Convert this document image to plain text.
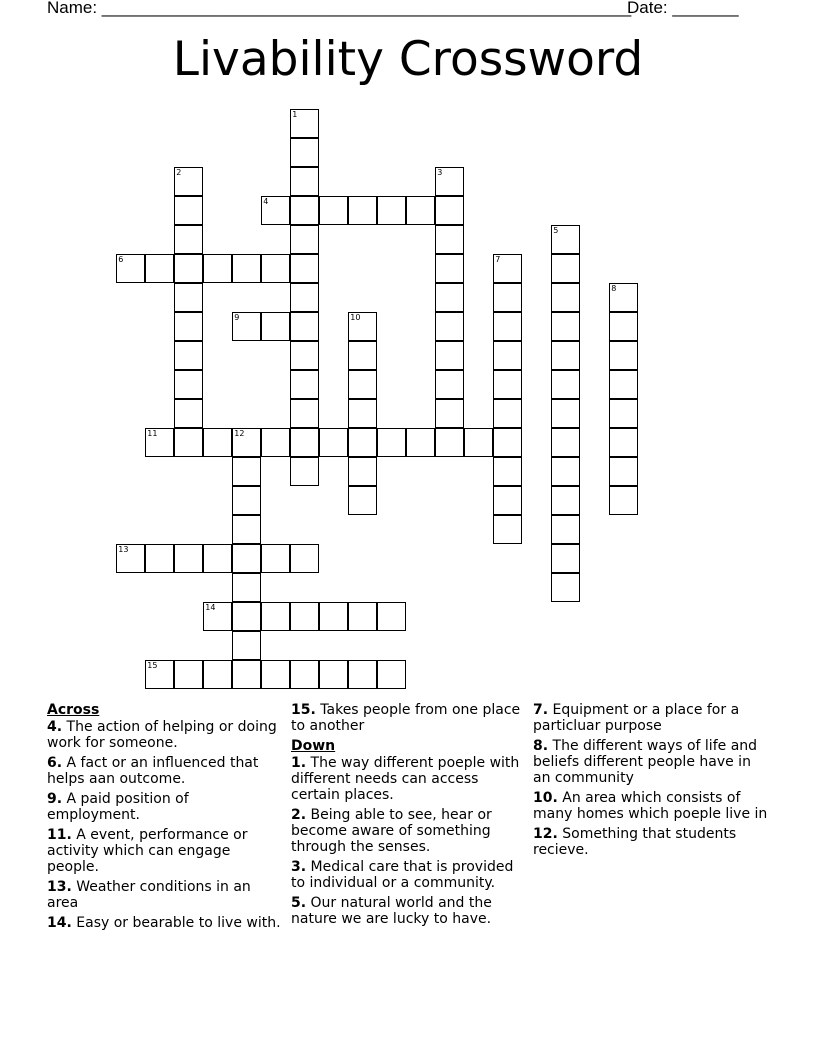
Name: ________________________________________________________
Date: _______
Livability Crossword
1
2	3
4
5
6	7
8
9	10
11	12
13
14
15
Across
4. The action of helping or doing work for someone.
6. A fact or an influenced that helps aan outcome.
9. A paid position of employment.
11. A event, performance or activity which can engage people.
13. Weather conditions in an area
14. Easy or bearable to live with.
15. Takes people from one place to another
Down
1. The way different poeple with different needs can access certain places.
2. Being able to see, hear or become aware of something through the senses.
3. Medical care that is provided to individual or a community.
5. Our natural world and the nature we are lucky to have.
7. Equipment or a place for a particluar purpose
8. The different ways of life and beliefs different people have in an community
10. An area which consists of many homes which poeple live in
12. Something that students recieve.
